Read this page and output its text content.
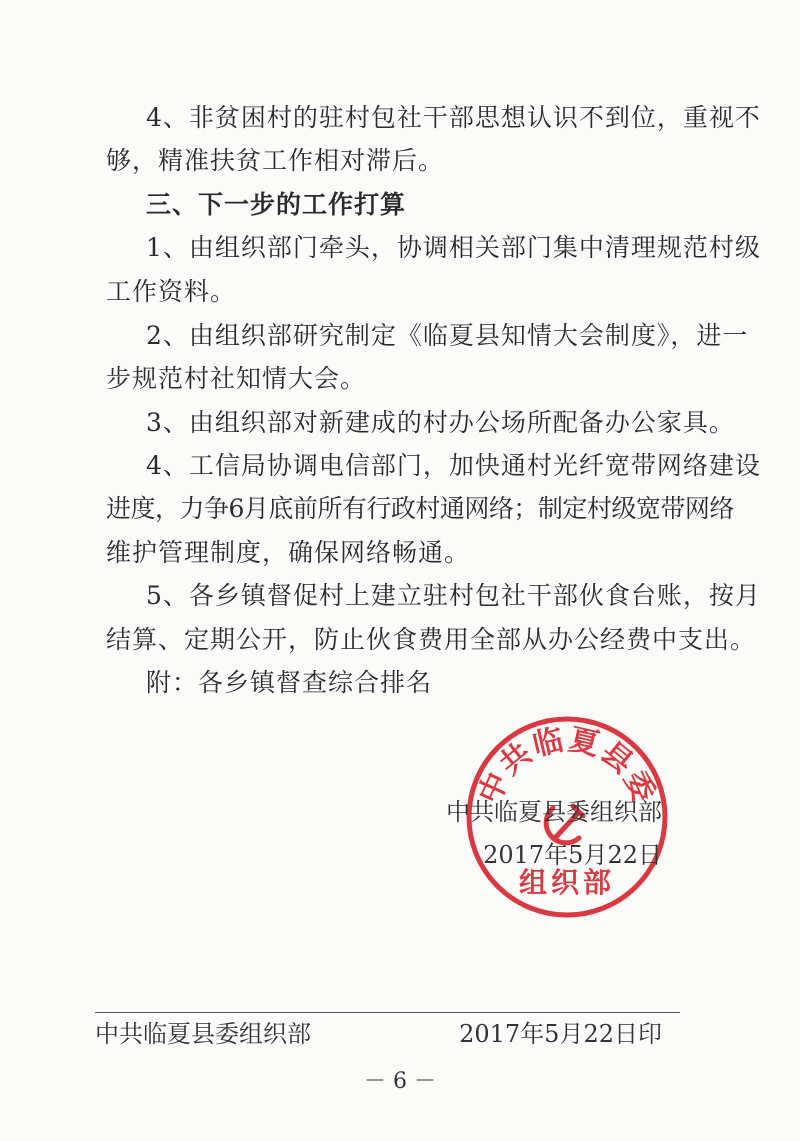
4、非贫困村的驻村包社干部思想认识不到位，重视不

够，精准扶贫工作相对滞后。

三、下一步的工作打算

1、由组织部门牵头，协调相关部门集中清理规范村级

工作资料。

2、由组织部研究制定《临夏县知情大会制度》，进一

步规范村社知情大会。

3、由组织部对新建成的村办公场所配备办公家具。

4、工信局协调电信部门，加快通村光纤宽带网络建设

进度，力争6月底前所有行政村通网络；制定村级宽带网络

维护管理制度，确保网络畅通。

5、各乡镇督促村上建立驻村包社干部伙食台账，按月

结算、定期公开，防止伙食费用全部从办公经费中支出。

附：各乡镇督查综合排名

中共临夏县委
组织部
中共临夏县委组织部
2017年5月22日
中共临夏县委组织部	2017年5月22日印
－ 6 －
